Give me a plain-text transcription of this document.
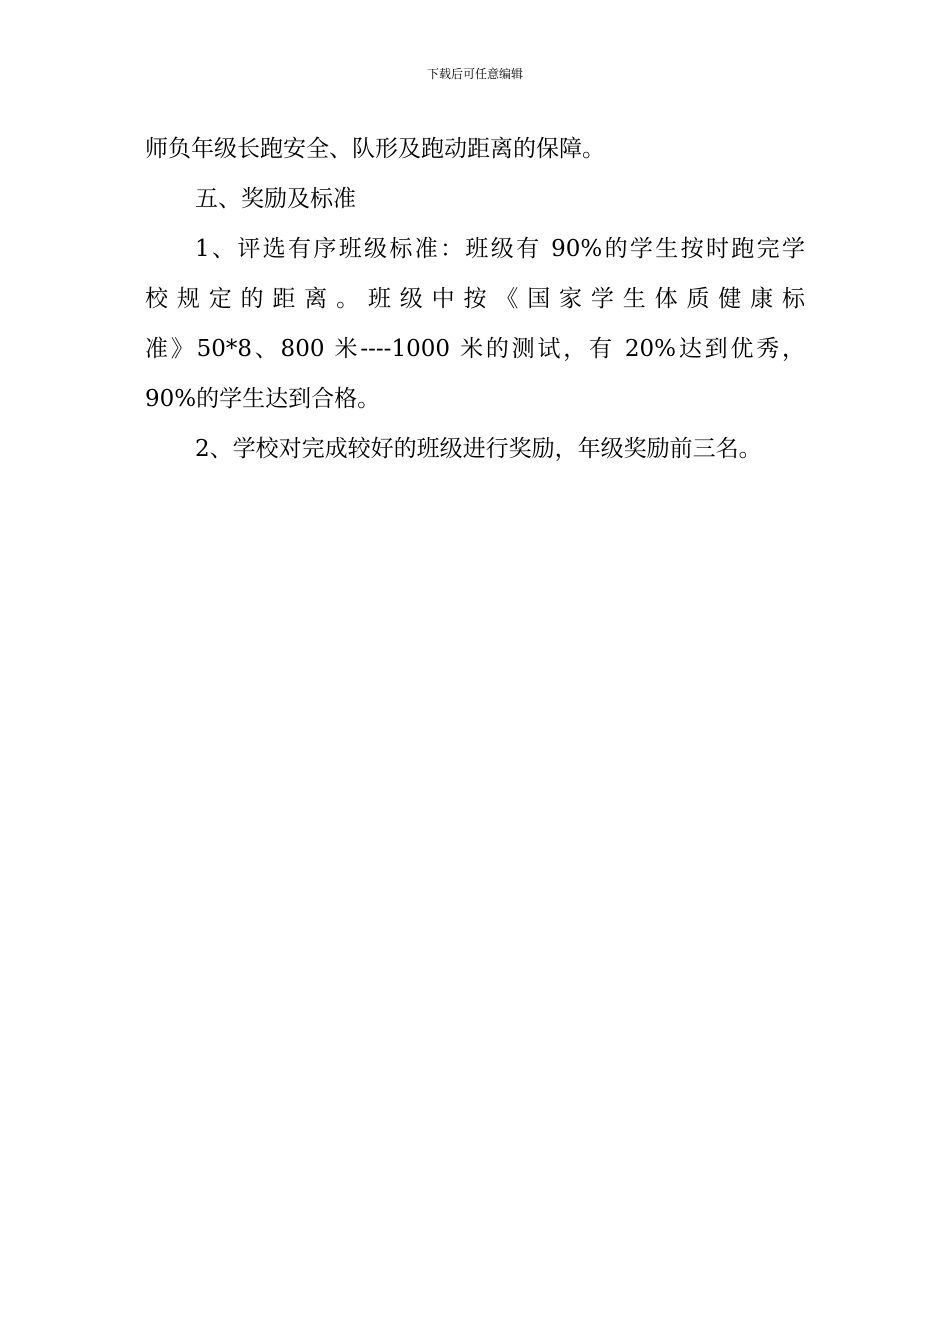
下载后可任意编辑
师负年级长跑安全、队形及跑动距离的保障。
五、奖励及标准
1、评选有序班级标准：班级有 90%的学生按时跑完学
校规定的距离。班级中按《国家学生体质健康标
准》50*8、800 米----1000 米的测试，有 20%达到优秀，
90%的学生达到合格。
2、学校对完成较好的班级进行奖励，年级奖励前三名。
